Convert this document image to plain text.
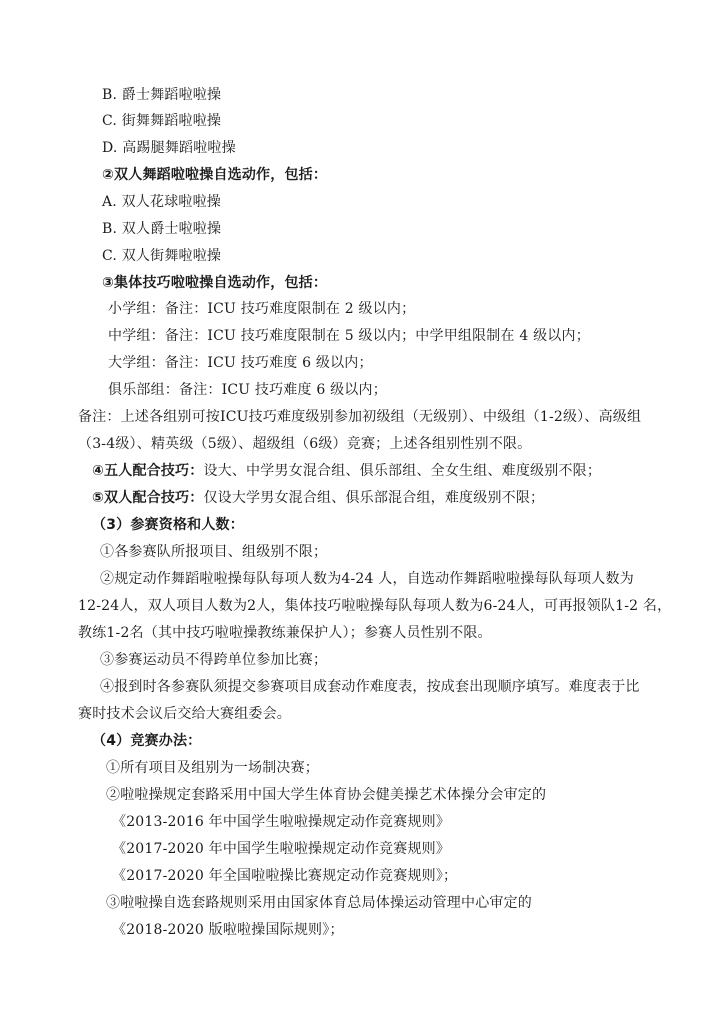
B. 爵士舞蹈啦啦操
C. 街舞舞蹈啦啦操
D. 高踢腿舞蹈啦啦操
②双人舞蹈啦啦操自选动作，包括：
A. 双人花球啦啦操
B. 双人爵士啦啦操
C. 双人街舞啦啦操
③集体技巧啦啦操自选动作，包括：
小学组：备注：ICU 技巧难度限制在 2 级以内；
中学组：备注：ICU 技巧难度限制在 5 级以内；中学甲组限制在 4 级以内；
大学组：备注：ICU 技巧难度 6 级以内；
俱乐部组：备注：ICU 技巧难度 6 级以内；
备注：上述各组别可按ICU技巧难度级别参加初级组（无级别）、中级组（1-2级）、高级组
（3-4级）、精英级（5级）、超级组（6级）竞赛；上述各组别性别不限。
④五人配合技巧：设大、中学男女混合组、俱乐部组、全女生组、难度级别不限；
⑤双人配合技巧：仅设大学男女混合组、俱乐部混合组，难度级别不限；
（3）参赛资格和人数：
①各参赛队所报项目、组级别不限；
②规定动作舞蹈啦啦操每队每项人数为4-24 人，自选动作舞蹈啦啦操每队每项人数为
12-24人，双人项目人数为2人，集体技巧啦啦操每队每项人数为6-24人，可再报领队1-2 名，
教练1-2名（其中技巧啦啦操教练兼保护人）；参赛人员性别不限。
③参赛运动员不得跨单位参加比赛；
④报到时各参赛队须提交参赛项目成套动作难度表，按成套出现顺序填写。难度表于比
赛时技术会议后交给大赛组委会。
（4）竞赛办法：
①所有项目及组别为一场制决赛；
②啦啦操规定套路采用中国大学生体育协会健美操艺术体操分会审定的
《2013-2016 年中国学生啦啦操规定动作竞赛规则》
《2017-2020 年中国学生啦啦操规定动作竞赛规则》
《2017-2020 年全国啦啦操比赛规定动作竞赛规则》；
③啦啦操自选套路规则采用由国家体育总局体操运动管理中心审定的
《2018-2020 版啦啦操国际规则》；
